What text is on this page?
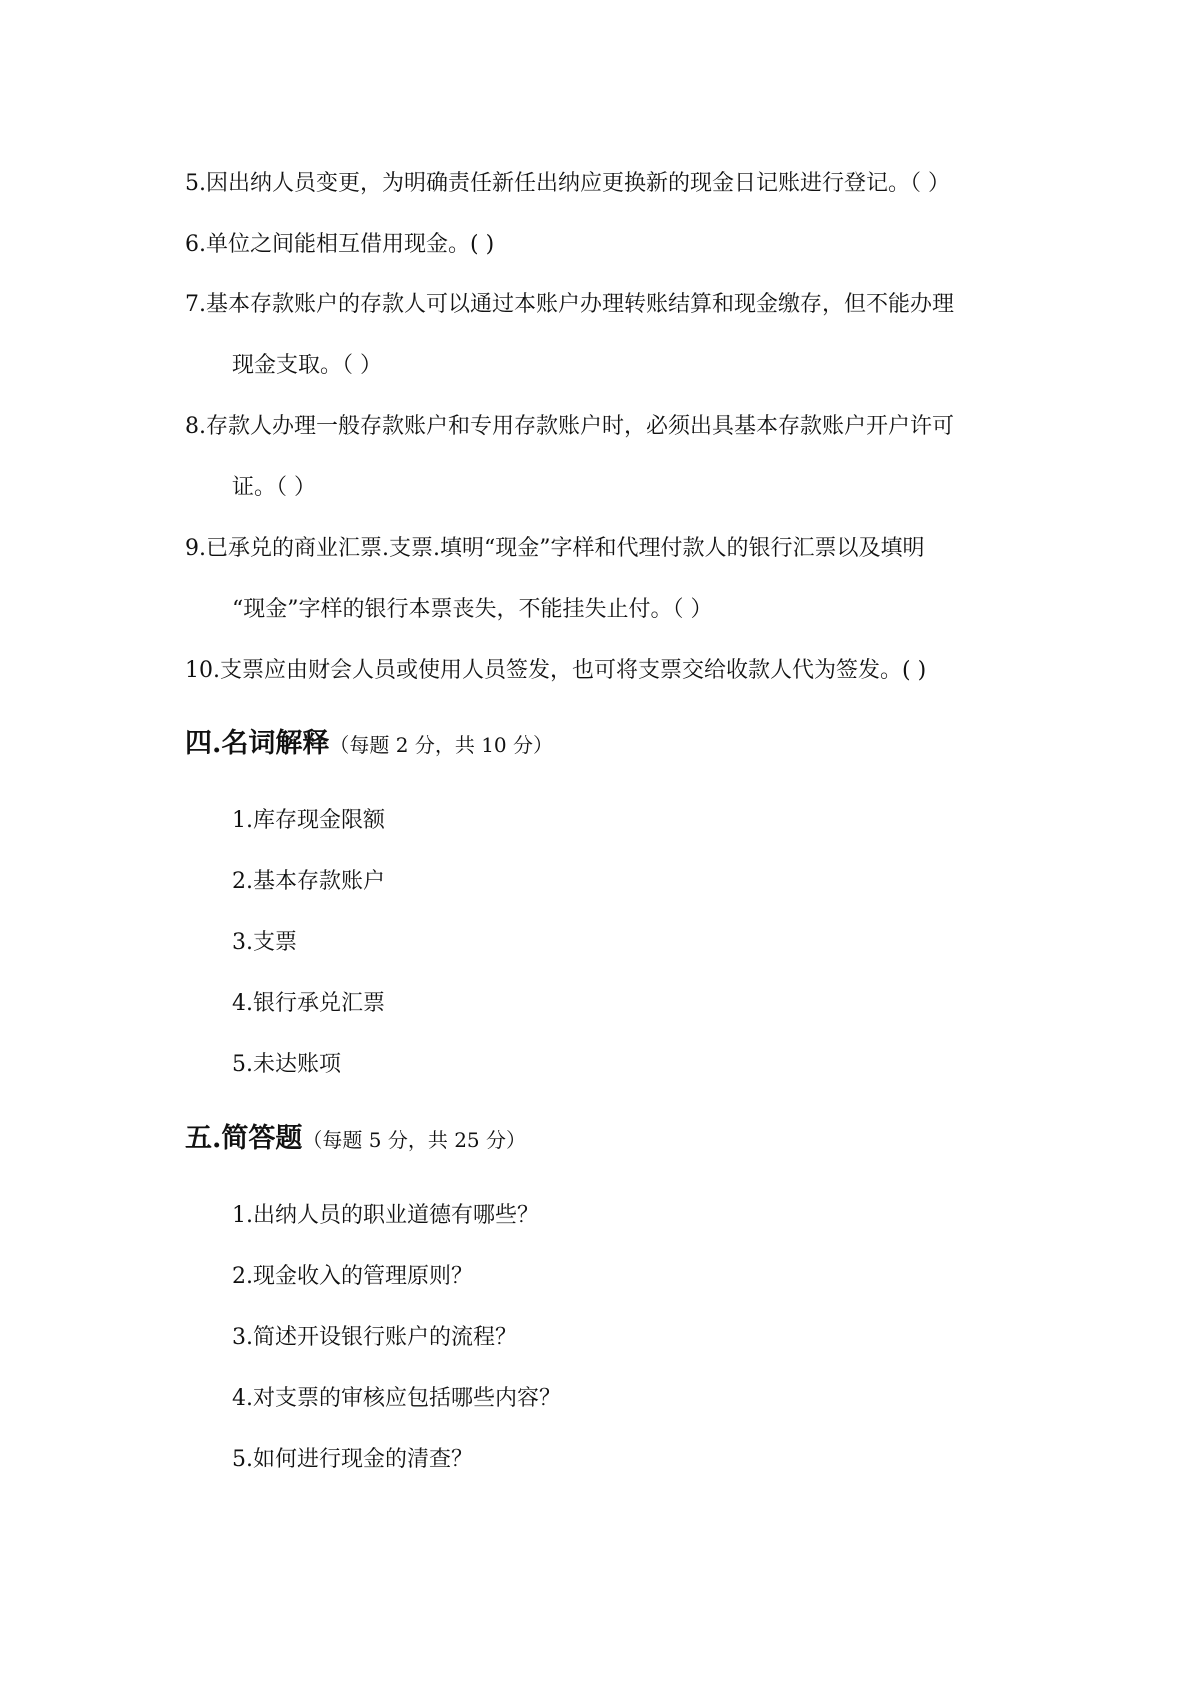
5.因出纳人员变更，为明确责任新任出纳应更换新的现金日记账进行登记。（ ）
6.单位之间能相互借用现金。( )
7.基本存款账户的存款人可以通过本账户办理转账结算和现金缴存，但不能办理
现金支取。（ ）
8.存款人办理一般存款账户和专用存款账户时，必须出具基本存款账户开户许可
证。（ ）
9.已承兑的商业汇票.支票.填明“现金”字样和代理付款人的银行汇票以及填明
“现金”字样的银行本票丧失，不能挂失止付。（ ）
10.支票应由财会人员或使用人员签发，也可将支票交给收款人代为签发。( )
四.名词解释（每题 2 分，共 10 分）
1.库存现金限额
2.基本存款账户
3.支票
4.银行承兑汇票
5.未达账项
五.简答题（每题 5 分，共 25 分）
1.出纳人员的职业道德有哪些？
2.现金收入的管理原则？
3.简述开设银行账户的流程？
4.对支票的审核应包括哪些内容？
5.如何进行现金的清查？
